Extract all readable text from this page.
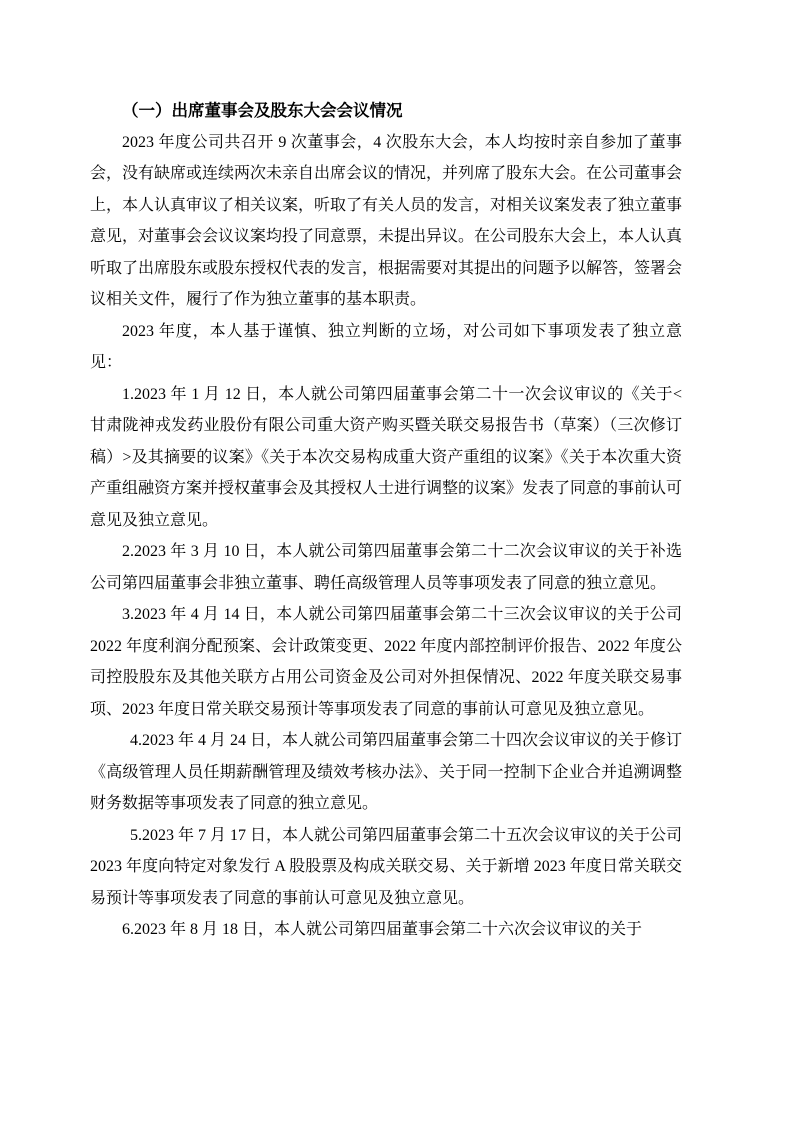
（一）出席董事会及股东大会会议情况

2023 年度公司共召开 9 次董事会，4 次股东大会，本人均按时亲自参加了董事会，没有缺席或连续两次未亲自出席会议的情况，并列席了股东大会。在公司董事会上，本人认真审议了相关议案，听取了有关人员的发言，对相关议案发表了独立董事意见，对董事会会议议案均投了同意票，未提出异议。在公司股东大会上，本人认真听取了出席股东或股东授权代表的发言，根据需要对其提出的问题予以解答，签署会议相关文件，履行了作为独立董事的基本职责。

2023 年度，本人基于谨慎、独立判断的立场，对公司如下事项发表了独立意见：

1.2023 年 1 月 12 日，本人就公司第四届董事会第二十一次会议审议的《关于<甘肃陇神戎发药业股份有限公司重大资产购买暨关联交易报告书（草案）（三次修订稿）>及其摘要的议案》《关于本次交易构成重大资产重组的议案》《关于本次重大资产重组融资方案并授权董事会及其授权人士进行调整的议案》发表了同意的事前认可意见及独立意见。

2.2023 年 3 月 10 日，本人就公司第四届董事会第二十二次会议审议的关于补选公司第四届董事会非独立董事、聘任高级管理人员等事项发表了同意的独立意见。

3.2023 年 4 月 14 日，本人就公司第四届董事会第二十三次会议审议的关于公司 2022 年度利润分配预案、会计政策变更、2022 年度内部控制评价报告、2022 年度公司控股股东及其他关联方占用公司资金及公司对外担保情况、2022 年度关联交易事项、2023 年度日常关联交易预计等事项发表了同意的事前认可意见及独立意见。

4.2023 年 4 月 24 日，本人就公司第四届董事会第二十四次会议审议的关于修订《高级管理人员任期薪酬管理及绩效考核办法》、关于同一控制下企业合并追溯调整财务数据等事项发表了同意的独立意见。

5.2023 年 7 月 17 日，本人就公司第四届董事会第二十五次会议审议的关于公司 2023 年度向特定对象发行 A 股股票及构成关联交易、关于新增 2023 年度日常关联交易预计等事项发表了同意的事前认可意见及独立意见。

6.2023 年 8 月 18 日，本人就公司第四届董事会第二十六次会议审议的关于
